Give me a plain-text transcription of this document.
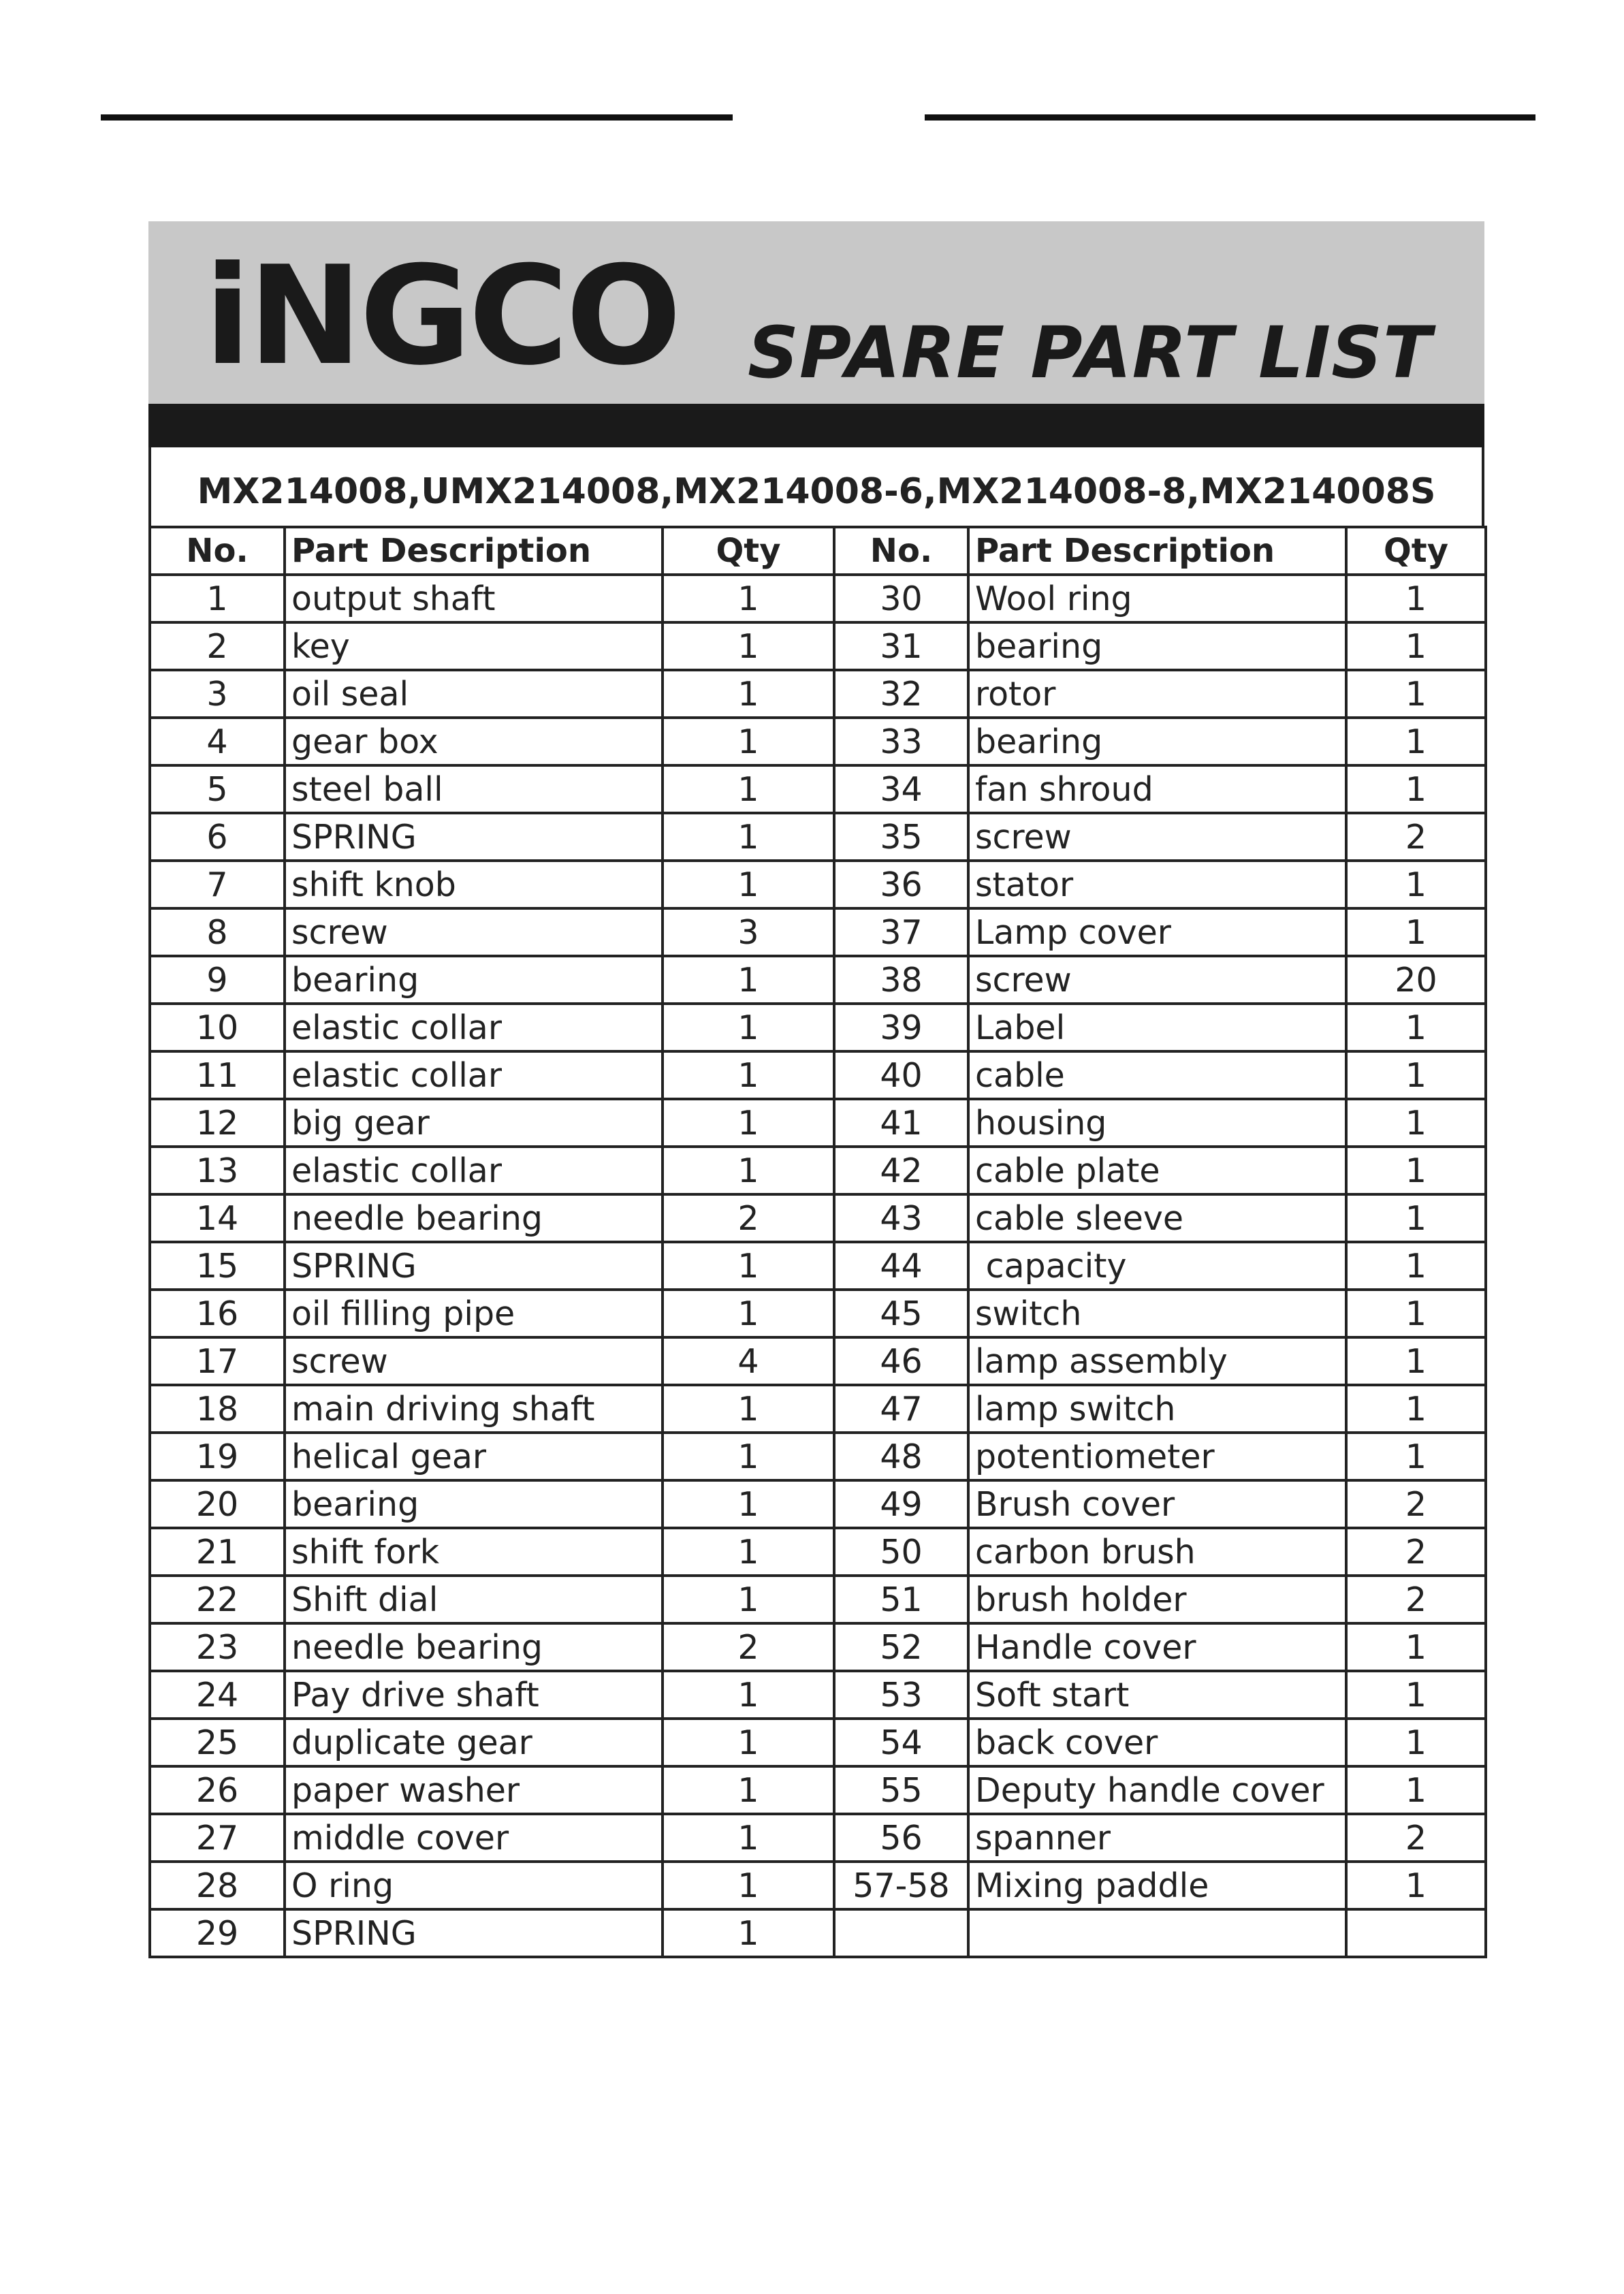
iNGCO SPARE PART LIST
MX214008,UMX214008,MX214008-6,MX214008-8,MX214008S
No.	Part Description	Qty	No.	Part Description	Qty
1	output shaft	1	30	Wool ring	1
2	key	1	31	bearing	1
3	oil seal	1	32	rotor	1
4	gear box	1	33	bearing	1
5	steel ball	1	34	fan shroud	1
6	SPRING	1	35	screw	2
7	shift knob	1	36	stator	1
8	screw	3	37	Lamp cover	1
9	bearing	1	38	screw	20
10	elastic collar	1	39	Label	1
11	elastic collar	1	40	cable	1
12	big gear	1	41	housing	1
13	elastic collar	1	42	cable plate	1
14	needle bearing	2	43	cable sleeve	1
15	SPRING	1	44	capacity	1
16	oil filling pipe	1	45	switch	1
17	screw	4	46	lamp assembly	1
18	main driving shaft	1	47	lamp switch	1
19	helical gear	1	48	potentiometer	1
20	bearing	1	49	Brush cover	2
21	shift fork	1	50	carbon brush	2
22	Shift dial	1	51	brush holder	2
23	needle bearing	2	52	Handle cover	1
24	Pay drive shaft	1	53	Soft start	1
25	duplicate gear	1	54	back cover	1
26	paper washer	1	55	Deputy handle cover	1
27	middle cover	1	56	spanner	2
28	O ring	1	57-58	Mixing paddle	1
29	SPRING	1			
